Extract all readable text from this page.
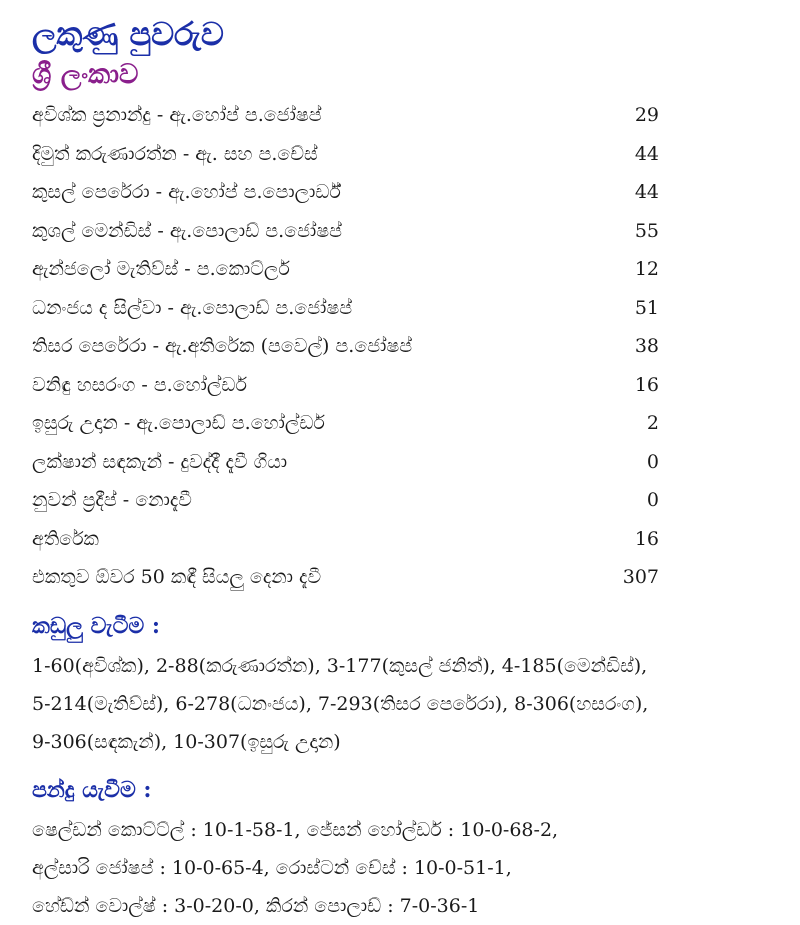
ලකුණු පුවරුව
ශ්‍රී ලංකාව
අවිශ්ක ප්‍රනාන්දු - ඇ.හෝප් ප.ජෝෂප්	29
දිමුත් කරුණාරත්න - ඇ. සහ ප.චේස්	44
කුසල් පෙරේරා - ඇ.හෝප් ප.පොලාර්ඩ්	44
කුශල් මෙන්ඩිස් - ඇ.පොලාඩ් ප.ජෝෂප්	55
ඇන්ජලෝ මැතිව්ස් - ප.කොට්ලර්	12
ධනංජය ද සිල්වා - ඇ.පොලාඩ් ප.ජෝෂප්	51
තිසර පෙරේරා - ඇ.අතිරේක (පවෙල්) ප.ජෝෂප්	38
වනිඳු හසරංග - ප.හෝල්ඩර්	16
ඉසුරු උදාන - ඇ.පොලාඩ් ප.හෝල්ඩර්	2
ලක්ෂාන් සඳකැන් - දුවද්දී දැවී ගියා	0
නුවන් ප්‍රදීප් - නොදැවී	0
අතිරේක	16
එකතුව ඕවර 50 කඳී සියලු දෙනා දැවී	307
කඩුලු වැටීම :
1-60(අවිශ්ක), 2-88(කරුණාරත්න), 3-177(කුසල් ජනිත්), 4-185(මෙන්ඩිස්),
5-214(මැතිව්ස්), 6-278(ධනංජය), 7-293(තිසර පෙරේරා), 8-306(හසරංග),
9-306(සඳකැන්), 10-307(ඉසුරු උදාන)
පන්දු යැවීම :
ෂෙල්ඩන් කොට්ට්ල් : 10-1-58-1, ජේසන් හෝල්ඩර් : 10-0-68-2,
අල්සාරි ජෝෂප් : 10-0-65-4, රොස්ටන් චේස් : 10-0-51-1,
හේඩ්න් වොල්ෂ් : 3-0-20-0, කිරන් පොලාඩ් : 7-0-36-1
